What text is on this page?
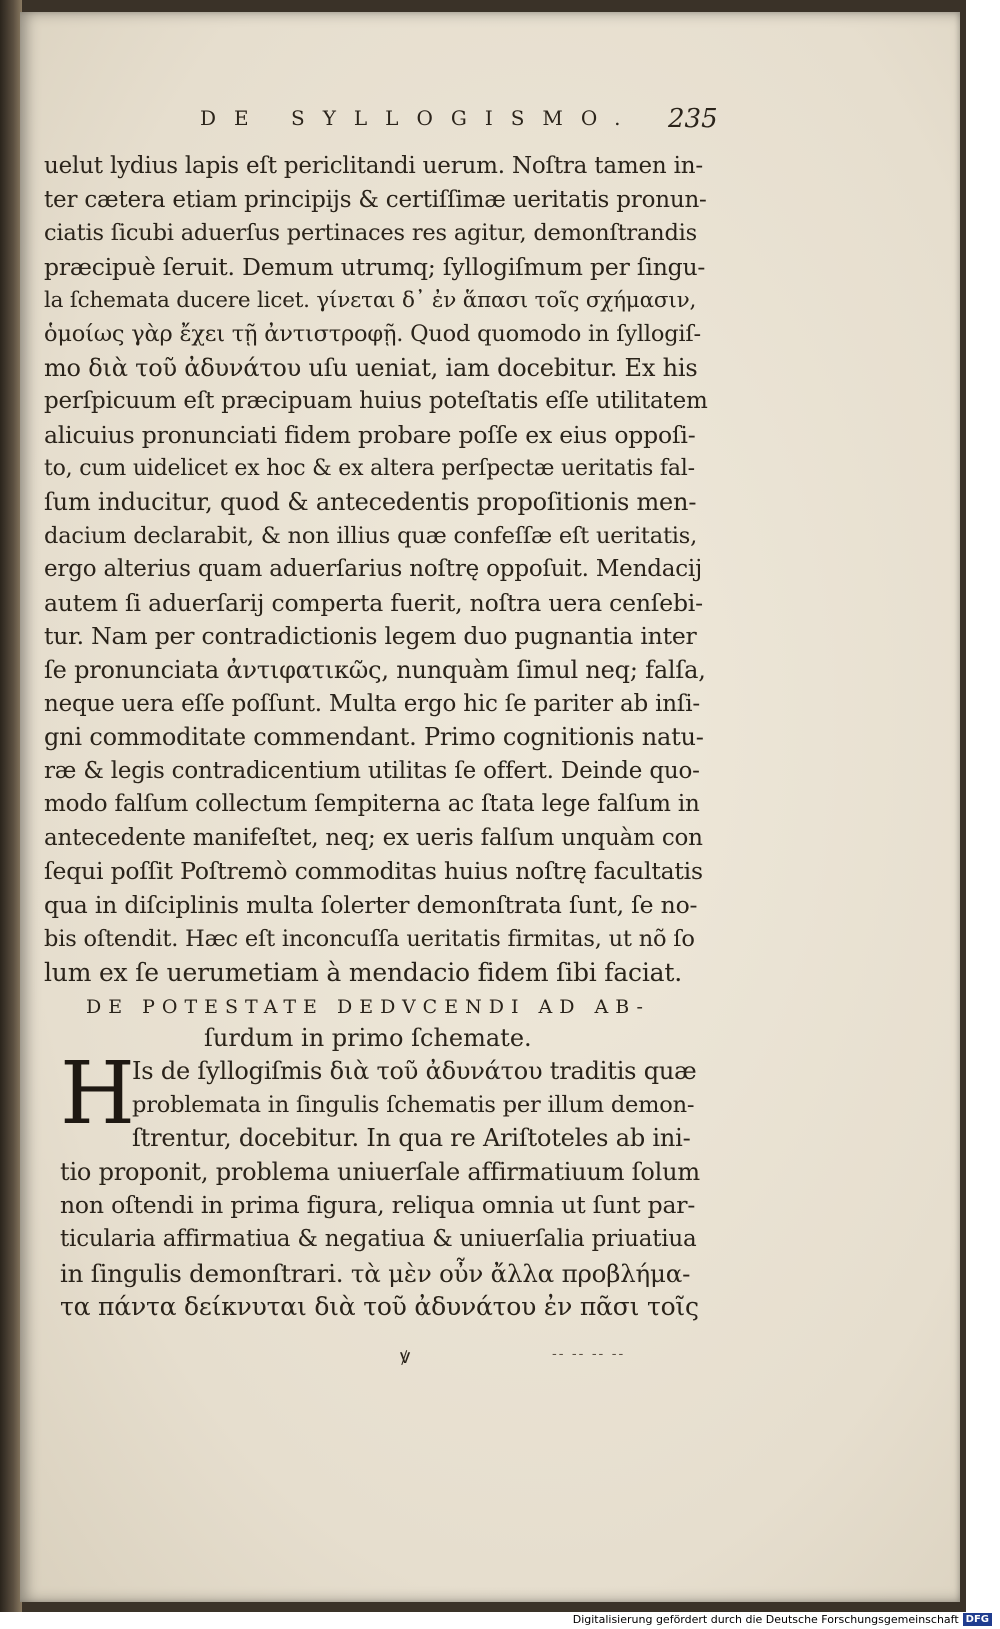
DE SYLLOGISMO.	235
uelut lydius lapis eſt periclitandi uerum. Noſtra tamen in-
ter cætera etiam principijs & certiſſimæ ueritatis pronun-
ciatis ſicubi aduerſus pertinaces res agitur, demonſtrandis
præcipuè ſeruit. Demum utrumq; ſyllogiſmum per ſingu-
la ſchemata ducere licet. γίνεται δ᾽ ἐν ἅπασι τοῖς σχήμασιν,
ὁμοίως γὰρ ἔχει τῇ ἀντιστροφῇ. Quod quomodo in ſyllogiſ-
mo διὰ τοῦ ἀδυνάτου uſu ueniat, iam docebitur. Ex his
perſpicuum eſt præcipuam huius poteſtatis eſſe utilitatem
alicuius pronunciati fidem probare poſſe ex eius oppoſi-
to, cum uidelicet ex hoc & ex altera perſpectæ ueritatis fal-
ſum inducitur, quod & antecedentis propoſitionis men-
dacium declarabit, & non illius quæ confeſſæ eſt ueritatis,
ergo alterius quam aduerſarius noſtrę oppoſuit. Mendacij
autem ſi aduerſarij comperta fuerit, noſtra uera cenſebi-
tur. Nam per contradictionis legem duo pugnantia inter
ſe pronunciata ἀντιφατικῶς, nunquàm ſimul neq; falſa,
neque uera eſſe poſſunt. Multa ergo hic ſe pariter ab inſi-
gni commoditate commendant. Primo cognitionis natu-
ræ & legis contradicentium utilitas ſe offert. Deinde quo-
modo falſum collectum ſempiterna ac ſtata lege falſum in
antecedente manifeſtet, neq; ex ueris falſum unquàm con
ſequi poſſit Poſtremò commoditas huius noſtrę facultatis
qua in diſciplinis multa ſolerter demonſtrata ſunt, ſe no-
bis oſtendit. Hæc eſt inconcuſſa ueritatis firmitas, ut nõ ſo
lum ex ſe uerumetiam à mendacio fidem ſibi faciat.
DE POTESTATE DEDVCENDI AD AB-
ſurdum in primo ſchemate.
H
Is de ſyllogiſmis διὰ τοῦ ἀδυνάτου traditis quæ
problemata in ſingulis ſchematis per illum demon-
ſtrentur, docebitur. In qua re Ariſtoteles ab ini-
tio proponit, problema uniuerſale affirmatiuum ſolum
non oſtendi in prima figura, reliqua omnia ut ſunt par-
ticularia affirmatiua & negatiua & uniuerſalia priuatiua
in ſingulis demonſtrari. τὰ μὲν οὖν ἄλλα προβλήμα-
τα πάντα δείκνυται διὰ τοῦ ἀδυνάτου ἐν πᾶσι τοῖς
ꝟ	-- -- -- --
Digitalisierung gefördert durch die Deutsche Forschungsgemeinschaft DFG
